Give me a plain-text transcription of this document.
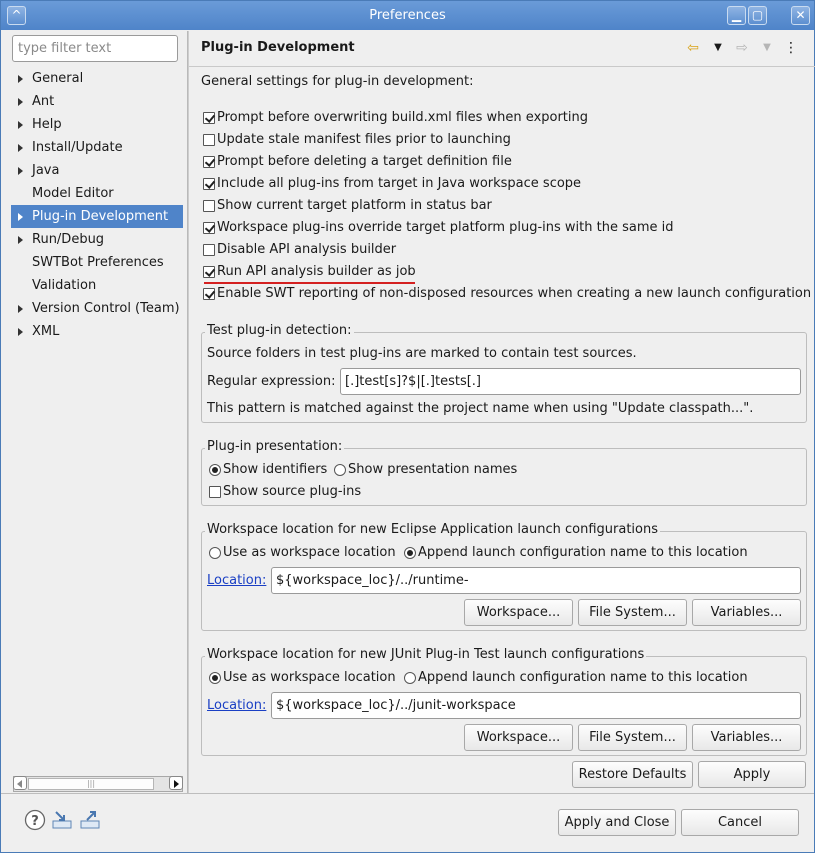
^	Preferences	▁ ▢	✕
type filter text
General
Ant
Help
Install/Update
Java
Model Editor
Plug-in Development
Run/Debug
SWTBot Preferences
Validation
Version Control (Team)
XML
|||
Plug-in Development	⇦	▼	⇨	▼ ⋮
General settings for plug-in development:
Prompt before overwriting build.xml files when exporting
Update stale manifest files prior to launching
Prompt before deleting a target definition file
Include all plug-ins from target in Java workspace scope
Show current target platform in status bar
Workspace plug-ins override target platform plug-ins with the same id
Disable API analysis builder
Run API analysis builder as job
Enable SWT reporting of non-disposed resources when creating a new launch configuration
Test plug-in detection:
Source folders in test plug-ins are marked to contain test sources.
Regular expression: [.]test[s]?$|[.]tests[.]
This pattern is matched against the project name when using "Update classpath...".
Plug-in presentation:
Show identifiers Show presentation names
Show source plug-ins
Workspace location for new Eclipse Application launch configurations
Use as workspace location Append launch configuration name to this location
Location: ${workspace_loc}/../runtime-
Workspace...	File System...	Variables...
Workspace location for new JUnit Plug-in Test launch configurations
Use as workspace location Append launch configuration name to this location
Location: ${workspace_loc}/../junit-workspace
Workspace...	File System...	Variables...
Restore Defaults	Apply
?	Apply and Close	Cancel
